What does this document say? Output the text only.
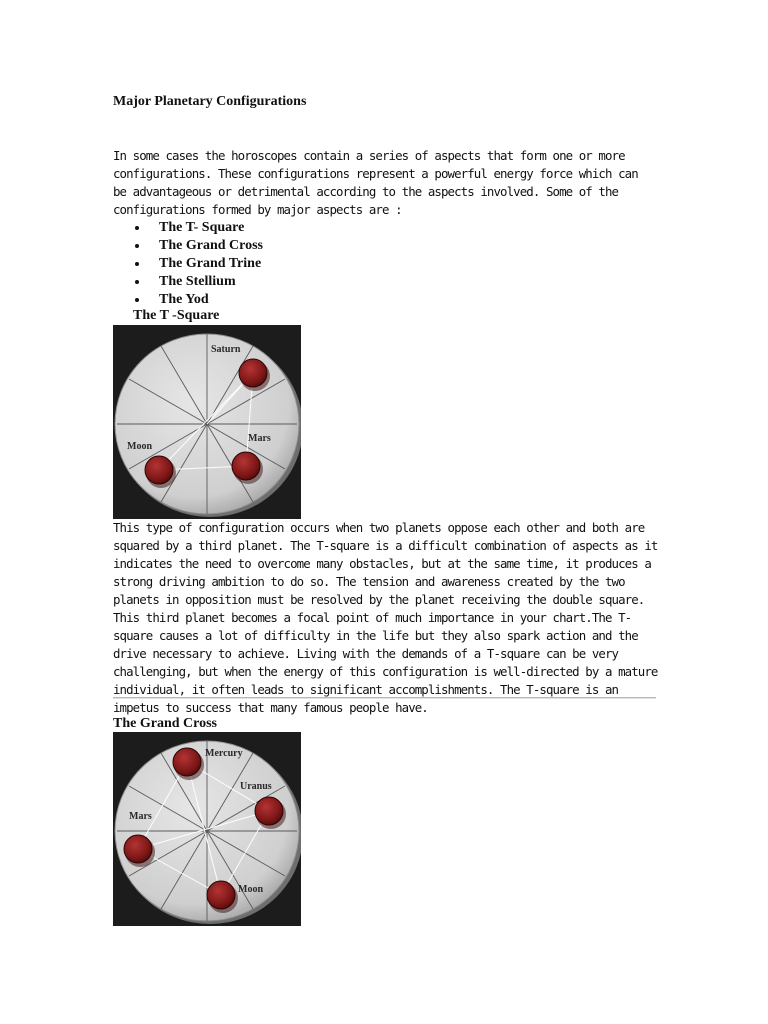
Major Planetary Configurations
In some cases the horoscopes contain a series of aspects that form one or more configurations. These configurations represent a powerful energy force which can be advantageous or detrimental according to the aspects involved. Some of the configurations formed by major aspects are :
The T- Square
The Grand Cross
The Grand Trine
The Stellium
The Yod
The T -Square
Saturn
Moon
Mars
This type of configuration occurs when two planets oppose each other and both are squared by a third planet. The T-square is a difficult combination of aspects as it indicates the need to overcome many obstacles, but at the same time, it produces a strong driving ambition to do so. The tension and awareness created by the two planets in opposition must be resolved by the planet receiving the double square. This third planet becomes a focal point of much importance in your chart.The T-square causes a lot of difficulty in the life but they also spark action and the drive necessary to achieve. Living with the demands of a T-square can be very challenging, but when the energy of this configuration is well-directed by a mature individual, it often leads to significant accomplishments. The T-square is an impetus to success that many famous people have.
The Grand Cross
Mercury
Uranus
Mars
Moon
